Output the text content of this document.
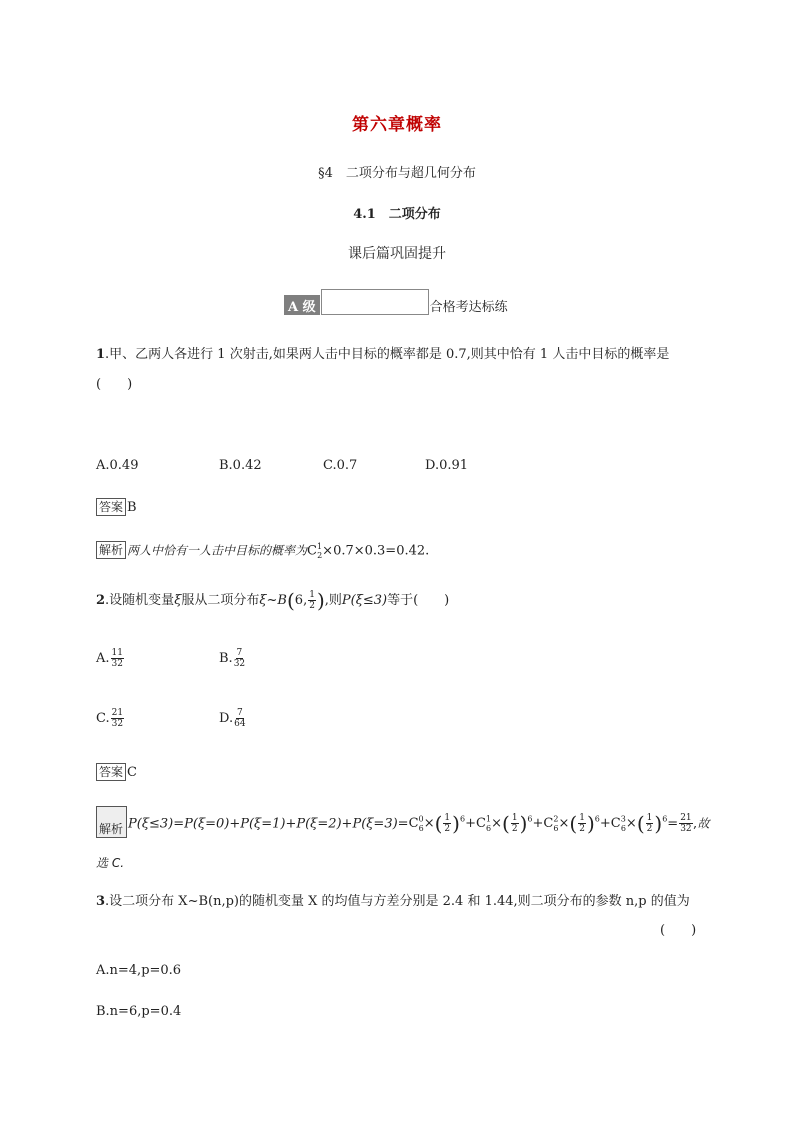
第六章概率
§4　二项分布与超几何分布
4.1　二项分布
课后篇巩固提升
A 级	合格考达标练
1.甲、乙两人各进行 1 次射击,如果两人击中目标的概率都是 0.7,则其中恰有 1 人击中目标的概率是
(　　)
A.0.49	B.0.42	C.0.7	D.0.91
答案 B
解析 两人中恰有一人击中目标的概率为$C^1_2\times 0.7\times 0.3=0.42$.
2.设随机变量ξ服从二项分布ξ~B(6, $\frac{1}{2}$ ),则P(ξ≤3)等于(　　)
A. $\frac{11}{32}$	B. $\frac{7}{32}$
C. $\frac{21}{32}$	D. $\frac{7}{64}$
答案 C
解析 $P(\xi\le 3)=P(\xi=0)+P(\xi=1)+P(\xi=2)+P(\xi=3)=C^0_6\times( \frac{1}{2} )^6+C^1_6\times( \frac{1}{2} )^6+C^2_6\times( \frac{1}{2} )^6+C^3_6\times( \frac{1}{2} )^6= \frac{21}{32}$ ,故
选 C.
3.设二项分布 X~B(n,p)的随机变量 X 的均值与方差分别是 2.4 和 1.44,则二项分布的参数 n,p 的值为
(　　)
A.n=4,p=0.6
B.n=6,p=0.4
